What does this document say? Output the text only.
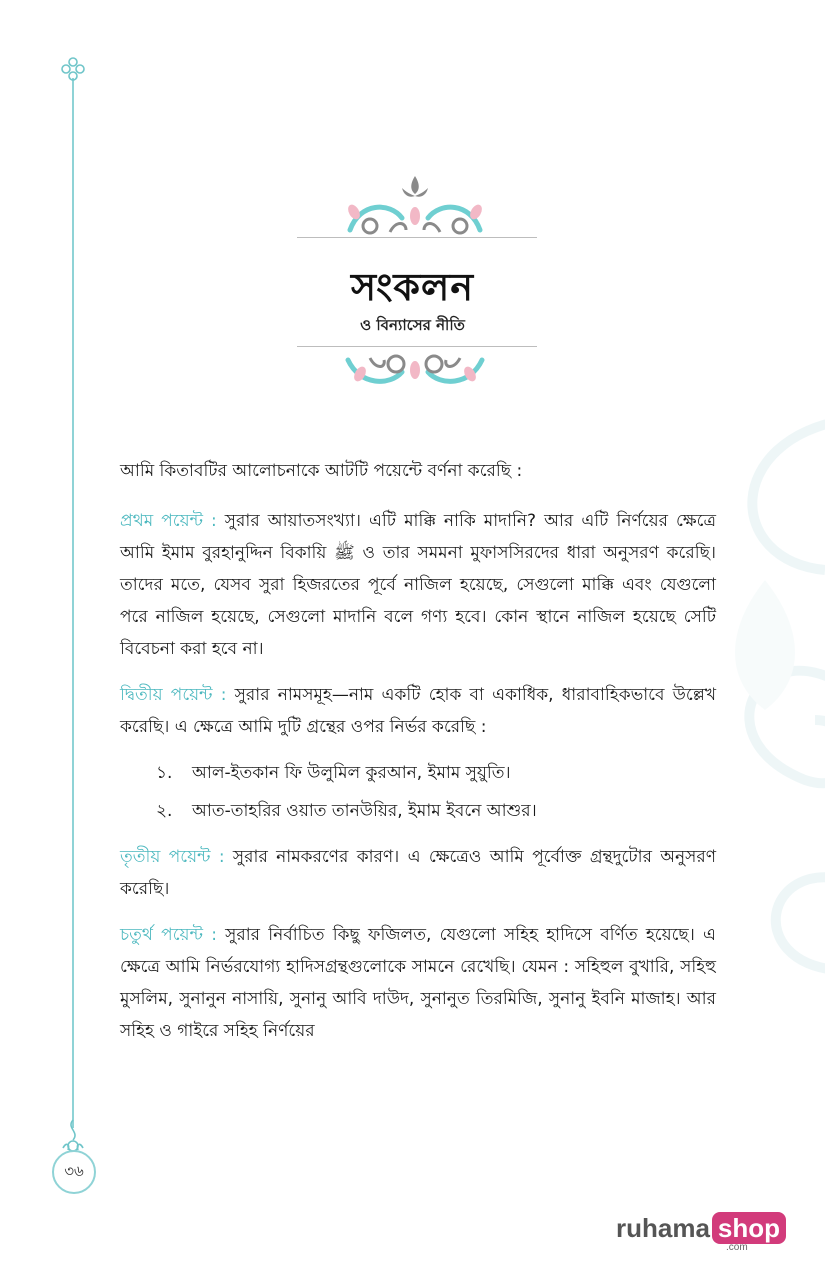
৩৬
সংকলন
ও বিন্যাসের নীতি

আমি কিতাবটির আলোচনাকে আটটি পয়েন্টে বর্ণনা করেছি :

প্রথম পয়েন্ট : সুরার আয়াতসংখ্যা। এটি মাক্কি নাকি মাদানি? আর এটি নির্ণয়ের ক্ষেত্রে আমি ইমাম বুরহানুদ্দিন বিকায়ি ﷺ ও তার সমমনা মুফাসসিরদের ধারা অনুসরণ করেছি। তাদের মতে, যেসব সুরা হিজরতের পূর্বে নাজিল হয়েছে, সেগুলো মাক্কি এবং যেগুলো পরে নাজিল হয়েছে, সেগুলো মাদানি বলে গণ্য হবে। কোন স্থানে নাজিল হয়েছে সেটি বিবেচনা করা হবে না।

দ্বিতীয় পয়েন্ট : সুরার নামসমূহ—নাম একটি হোক বা একাধিক, ধারাবাহিকভাবে উল্লেখ করেছি। এ ক্ষেত্রে আমি দুটি গ্রন্থের ওপর নির্ভর করেছি :

১.	আল-ইতকান ফি উলুমিল কুরআন, ইমাম সুয়ুতি।
২.	আত-তাহরির ওয়াত তানউয়ির, ইমাম ইবনে আশুর।

তৃতীয় পয়েন্ট : সুরার নামকরণের কারণ। এ ক্ষেত্রেও আমি পূর্বোক্ত গ্রন্থদুটোর অনুসরণ করেছি।

চতুর্থ পয়েন্ট : সুরার নির্বাচিত কিছু ফজিলত, যেগুলো সহিহ হাদিসে বর্ণিত হয়েছে। এ ক্ষেত্রে আমি নির্ভরযোগ্য হাদিসগ্রন্থগুলোকে সামনে রেখেছি। যেমন : সহিহুল বুখারি, সহিহু মুসলিম, সুনানুন নাসায়ি, সুনানু আবি দাউদ, সুনানুত তিরমিজি, সুনানু ইবনি মাজাহ। আর সহিহ ও গাইরে সহিহ নির্ণয়ের

ruhama shop
.com
